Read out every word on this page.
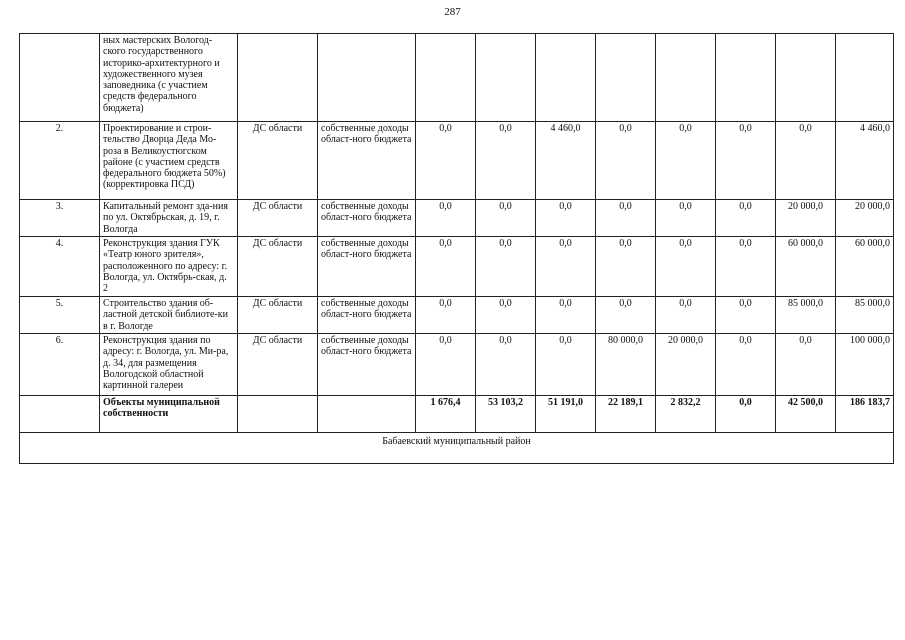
287
	ных мастерских Вологод-ского государственного историко-архитектурного и художественного музея заповедника (с участием средств федерального бюджета)										
2.	Проектирование и строи-тельство Дворца Деда Мо-роза в Великоустюгском районе (с участием средств федерального бюджета 50%) (корректировка ПСД)	ДС области	собственные доходы област-ного бюджета	0,0	0,0	4 460,0	0,0	0,0	0,0	0,0	4 460,0
3.	Капитальный ремонт зда-ния по ул. Октябрьская, д. 19, г. Вологда	ДС области	собственные доходы област-ного бюджета	0,0	0,0	0,0	0,0	0,0	0,0	20 000,0	20 000,0
4.	Реконструкция здания ГУК «Театр юного зрителя», расположенного по адресу: г. Вологда, ул. Октябрь-ская, д. 2	ДС области	собственные доходы област-ного бюджета	0,0	0,0	0,0	0,0	0,0	0,0	60 000,0	60 000,0
5.	Строительство здания об-ластной детской библиоте-ки в г. Вологде	ДС области	собственные доходы област-ного бюджета	0,0	0,0	0,0	0,0	0,0	0,0	85 000,0	85 000,0
6.	Реконструкция здания по адресу: г. Вологда, ул. Ми-ра, д. 34, для размещения Вологодской областной картинной галереи	ДС области	собственные доходы област-ного бюджета	0,0	0,0	0,0	80 000,0	20 000,0	0,0	0,0	100 000,0
	Объекты муниципальной собственности			1 676,4	53 103,2	51 191,0	22 189,1	2 832,2	0,0	42 500,0	186 183,7
Бабаевский муниципальный район											
